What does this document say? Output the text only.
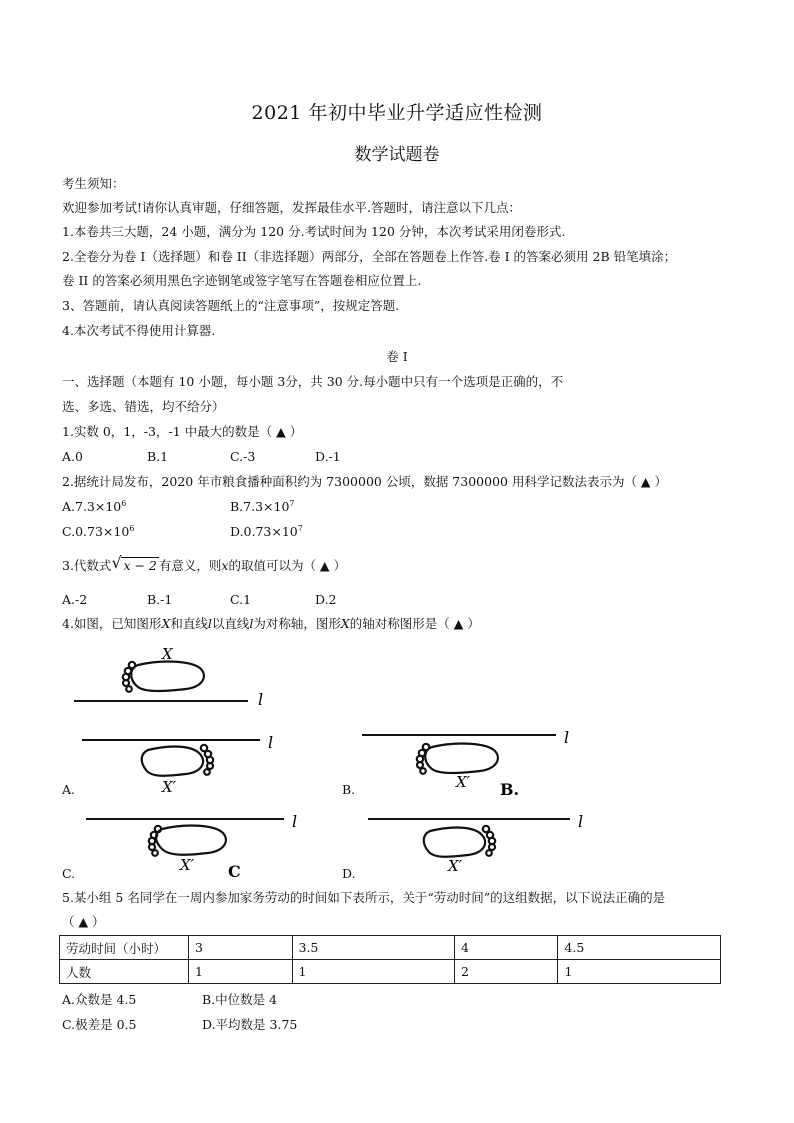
2021 年初中毕业升学适应性检测
数学试题卷
考生须知：
欢迎参加考试!请你认真审题，仔细答题，发挥最佳水平.答题时，请注意以下几点：
1.本卷共三大题，24 小题，满分为 120 分.考试时间为 120 分钟，本次考试采用闭卷形式.
2.全卷分为卷 I（选择题）和卷 II（非选择题）两部分，全部在答题卷上作答.卷 I 的答案必须用 2B 铅笔填涂；
卷 II 的答案必须用黑色字迹钢笔或签字笔写在答题卷相应位置上.
3、答题前，请认真阅读答题纸上的“注意事项”，按规定答题.
4.本次考试不得使用计算器.
卷 I
一、选择题（本题有 10 小题，每小题 3分，共 30 分.每小题中只有一个选项是正确的，不
选、多选、错选，均不给分）
1.实数 0，1，-3，-1 中最大的数是（ ▲ ）
A.0	B.1	C.-3	D.-1
2.据统计局发布，2020 年市粮食播种面积约为 7300000 公顷，数据 7300000 用科学记数法表示为（ ▲ ）
$A.7.3\times 10^6$	$B.7.3\times 10^7$
$C.0.73\times 10^6$	$D.0.73\times 10^7$
3.代数式 √ x − 2 有意义，则x的取值可以为（ ▲ ）
A.-2	B.-1	C.1	D.2
4.如图，已知图形X和直线l以直线l为对称轴，图形X的轴对称图形是（ ▲ ）
X
l
A.
l
X′	B.
l
X′ B.
C.
l
X′ C	D.
l
X′
5.某小组 5 名同学在一周内参加家务劳动的时间如下表所示，关于“劳动时间”的这组数据，以下说法正确的是
（ ▲ ）
劳动时间（小时）	3	3.5	4	4.5
人数	1	1	2	1
A.众数是 4.5	B.中位数是 4
C.极差是 0.5	D.平均数是 3.75
